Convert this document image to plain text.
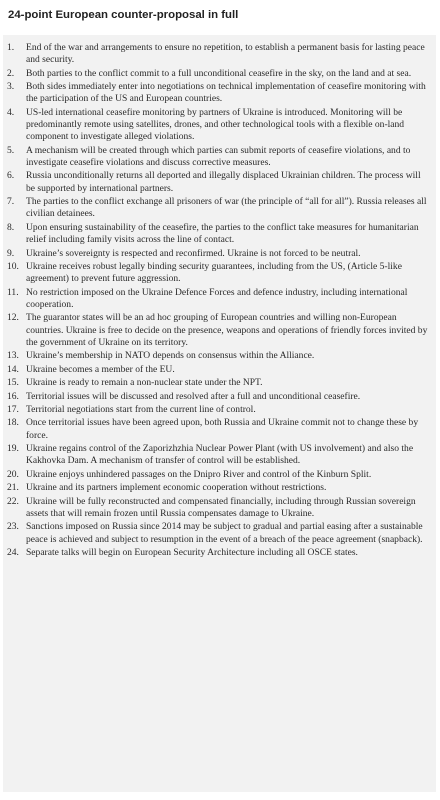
24-point European counter-proposal in full
1. End of the war and arrangements to ensure no repetition, to establish a permanent basis for lasting peace and security.
2. Both parties to the conflict commit to a full unconditional ceasefire in the sky, on the land and at sea.
3. Both sides immediately enter into negotiations on technical implementation of ceasefire monitoring with the participation of the US and European countries.
4. US-led international ceasefire monitoring by partners of Ukraine is introduced. Monitoring will be predominantly remote using satellites, drones, and other technological tools with a flexible on-land component to investigate alleged violations.
5. A mechanism will be created through which parties can submit reports of ceasefire violations, and to investigate ceasefire violations and discuss corrective measures.
6. Russia unconditionally returns all deported and illegally displaced Ukrainian children. The process will be supported by international partners.
7. The parties to the conflict exchange all prisoners of war (the principle of “all for all”). Russia releases all civilian detainees.
8. Upon ensuring sustainability of the ceasefire, the parties to the conflict take measures for humanitarian relief including family visits across the line of contact.
9. Ukraine’s sovereignty is respected and reconfirmed. Ukraine is not forced to be neutral.
10. Ukraine receives robust legally binding security guarantees, including from the US, (Article 5-like agreement) to prevent future aggression.
11. No restriction imposed on the Ukraine Defence Forces and defence industry, including international cooperation.
12. The guarantor states will be an ad hoc grouping of European countries and willing non-European countries. Ukraine is free to decide on the presence, weapons and operations of friendly forces invited by the government of Ukraine on its territory.
13. Ukraine’s membership in NATO depends on consensus within the Alliance.
14. Ukraine becomes a member of the EU.
15. Ukraine is ready to remain a non-nuclear state under the NPT.
16. Territorial issues will be discussed and resolved after a full and unconditional ceasefire.
17. Territorial negotiations start from the current line of control.
18. Once territorial issues have been agreed upon, both Russia and Ukraine commit not to change these by force.
19. Ukraine regains control of the Zaporizhzhia Nuclear Power Plant (with US involvement) and also the Kakhovka Dam. A mechanism of transfer of control will be established.
20. Ukraine enjoys unhindered passages on the Dnipro River and control of the Kinburn Split.
21. Ukraine and its partners implement economic cooperation without restrictions.
22. Ukraine will be fully reconstructed and compensated financially, including through Russian sovereign assets that will remain frozen until Russia compensates damage to Ukraine.
23. Sanctions imposed on Russia since 2014 may be subject to gradual and partial easing after a sustainable peace is achieved and subject to resumption in the event of a breach of the peace agreement (snapback).
24. Separate talks will begin on European Security Architecture including all OSCE states.
